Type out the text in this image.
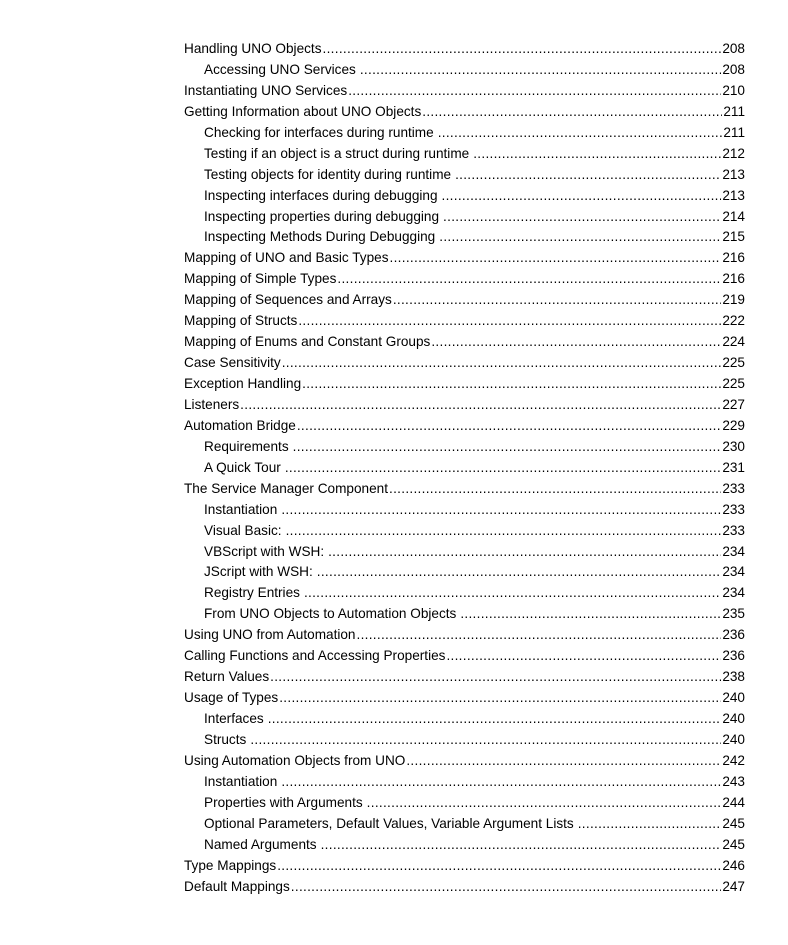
Handling UNO Objects .....	208
Accessing UNO Services .....	208
Instantiating UNO Services .....	210
Getting Information about UNO Objects .....	211
Checking for interfaces during runtime .....	211
Testing if an object is a struct during runtime .....	212
Testing objects for identity during runtime .....	213
Inspecting interfaces during debugging .....	213
Inspecting properties during debugging .....	214
Inspecting Methods During Debugging .....	215
Mapping of UNO and Basic Types .....	216
Mapping of Simple Types .....	216
Mapping of Sequences and Arrays .....	219
Mapping of Structs .....	222
Mapping of Enums and Constant Groups .....	224
Case Sensitivity .....	225
Exception Handling .....	225
Listeners .....	227
Automation Bridge .....	229
Requirements .....	230
A Quick Tour .....	231
The Service Manager Component .....	233
Instantiation .....	233
Visual Basic: .....	233
VBScript with WSH: .....	234
JScript with WSH: .....	234
Registry Entries .....	234
From UNO Objects to Automation Objects .....	235
Using UNO from Automation .....	236
Calling Functions and Accessing Properties .....	236
Return Values .....	238
Usage of Types .....	240
Interfaces .....	240
Structs .....	240
Using Automation Objects from UNO .....	242
Instantiation .....	243
Properties with Arguments .....	244
Optional Parameters, Default Values, Variable Argument Lists .....	245
Named Arguments .....	245
Type Mappings .....	246
Default Mappings .....	247
